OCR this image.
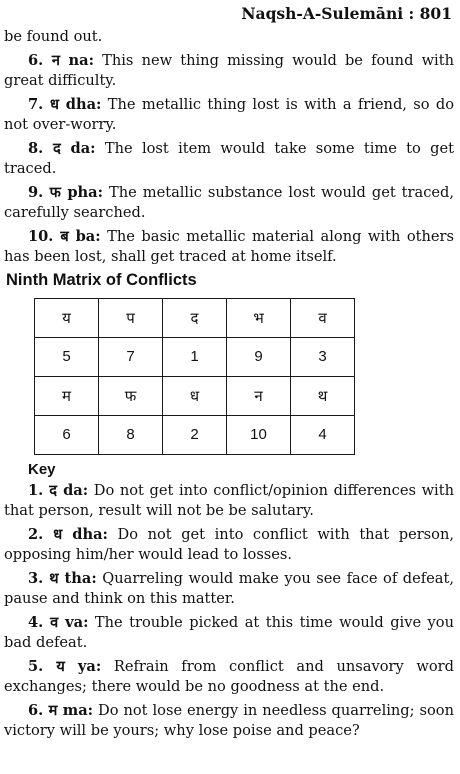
Naqsh-A-Sulemāni : 801

be found out.

6. न na: This new thing missing would be found with great difficulty.

7. ध dha: The metallic thing lost is with a friend, so do not over-worry.

8. द da: The lost item would take some time to get traced.

9. फ pha: The metallic substance lost would get traced, carefully searched.

10. ब ba: The basic metallic material along with others has been lost, shall get traced at home itself.

Ninth Matrix of Conflicts
य	प	द	भ	व
5	7	1	9	3
म	फ	ध	न	थ
6	8	2	10	4
Key

1. द da: Do not get into conflict/opinion differences with that person, result will not be be salutary.

2. ध dha: Do not get into conflict with that person, opposing him/her would lead to losses.

3. थ tha: Quarreling would make you see face of defeat, pause and think on this matter.

4. व va: The trouble picked at this time would give you bad defeat.

5. य ya: Refrain from conflict and unsavory word exchanges; there would be no goodness at the end.

6. म ma: Do not lose energy in needless quarreling; soon victory will be yours; why lose poise and peace?
